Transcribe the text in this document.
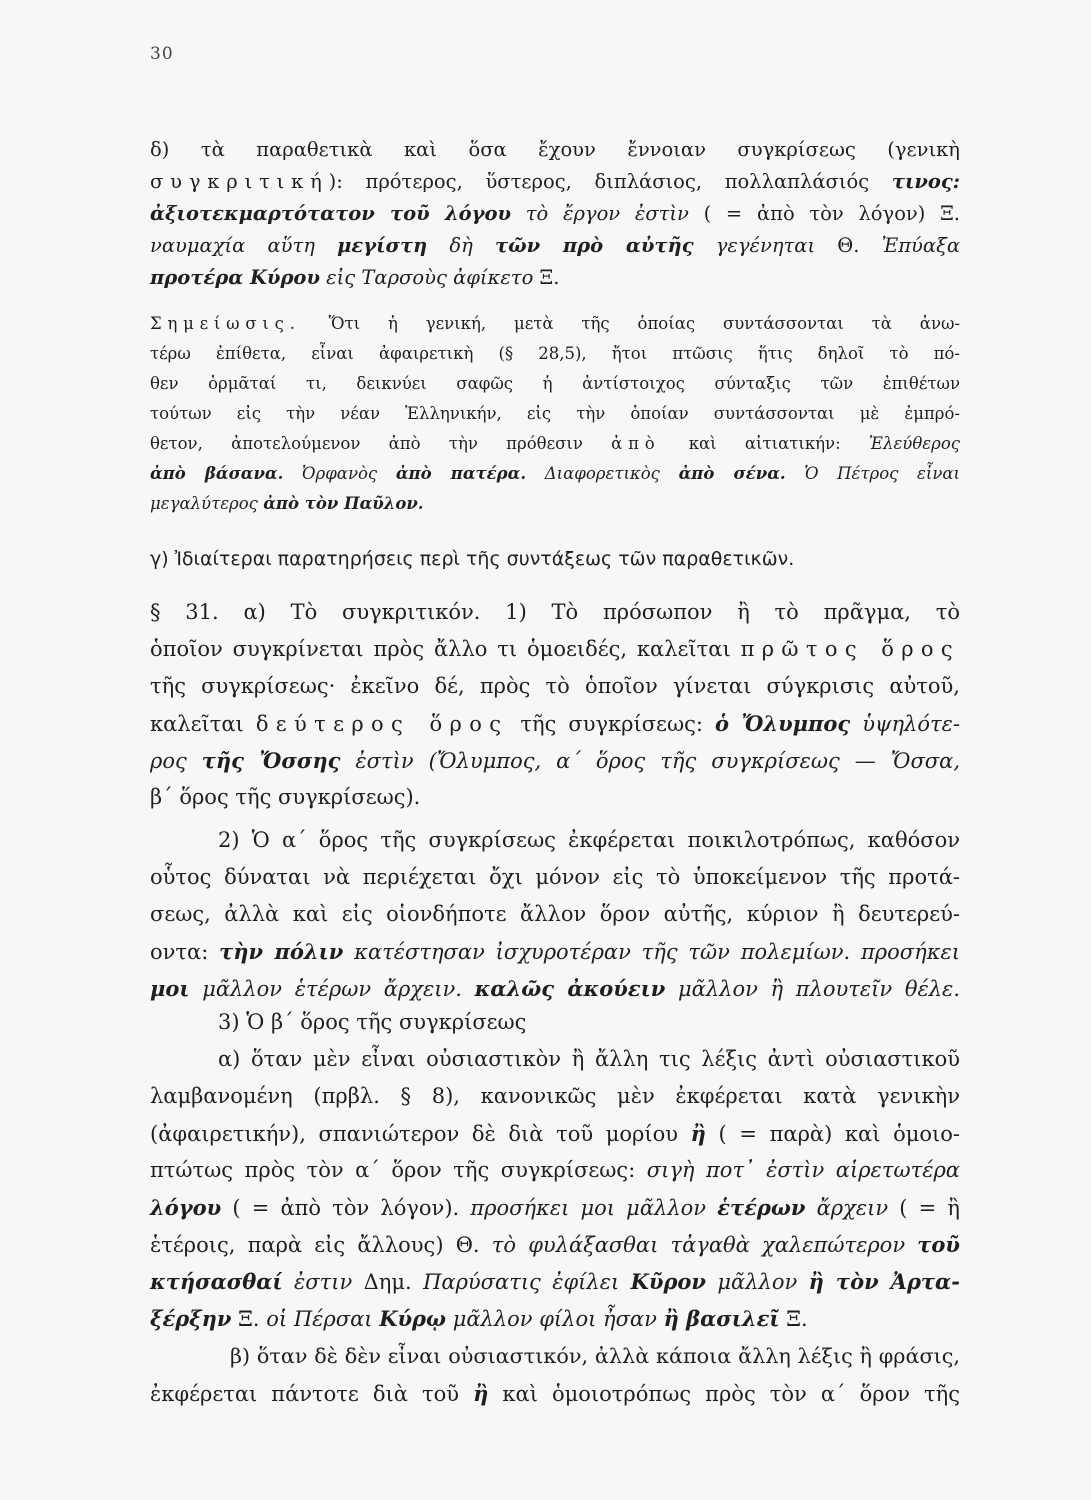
30
δ) τὰ παραθετικὰ καὶ ὅσα ἔχουν ἔννοιαν συγκρίσεως (γενικὴ
συγκριτική): πρότερος, ὕστερος, διπλάσιος, πολλαπλάσιός τινος:
ἀξιοτεκμαρτότατον τοῦ λόγου τὸ ἔργον ἐστὶν ( = ἀπὸ τὸν λόγον) Ξ.
ναυμαχία αὕτη μεγίστη δὴ τῶν πρὸ αὐτῆς γεγένηται Θ. Ἐπύαξα
προτέρα Κύρου εἰς Ταρσοὺς ἀφίκετο Ξ.
Σημείωσις. Ὅτι ἡ γενική, μετὰ τῆς ὁποίας συντάσσονται τὰ ἀνω-
τέρω ἐπίθετα, εἶναι ἀφαιρετικὴ (§ 28,5), ἤτοι πτῶσις ἥτις δηλοῖ τὸ πό-
θεν ὁρμᾶταί τι, δεικνύει σαφῶς ἡ ἀντίστοιχος σύνταξις τῶν ἐπιθέτων
τούτων εἰς τὴν νέαν Ἑλληνικήν, εἰς τὴν ὁποίαν συντάσσονται μὲ ἐμπρό-
θετον, ἀποτελούμενον ἀπὸ τὴν πρόθεσιν ἀπὸ καὶ αἰτιατικήν: Ἐλεύθερος
ἀπὸ βάσανα. Ὀρφανὸς ἀπὸ πατέρα. Διαφορετικὸς ἀπὸ σένα. Ὁ Πέτρος εἶναι
μεγαλύτερος ἀπὸ τὸν Παῦλον.
γ) Ἰδιαίτεραι παρατηρήσεις περὶ τῆς συντάξεως τῶν παραθετικῶν.
§ 31. α) Τὸ συγκριτικόν. 1) Τὸ πρόσωπον ἢ τὸ πρᾶγμα, τὸ
ὁποῖον συγκρίνεται πρὸς ἄλλο τι ὁμοειδές, καλεῖται πρῶτος ὅρος
τῆς συγκρίσεως· ἐκεῖνο δέ, πρὸς τὸ ὁποῖον γίνεται σύγκρισις αὐτοῦ,
καλεῖται δεύτερος ὅρος τῆς συγκρίσεως: ὁ Ὄλυμπος ὑψηλότε-
ρος τῆς Ὄσσης ἐστὶν (Ὄλυμπος, α΄ ὅρος τῆς συγκρίσεως — Ὄσσα,
β΄ ὅρος τῆς συγκρίσεως).
2) Ὁ α΄ ὅρος τῆς συγκρίσεως ἐκφέρεται ποικιλοτρόπως, καθόσον
οὗτος δύναται νὰ περιέχεται ὄχι μόνον εἰς τὸ ὑποκείμενον τῆς προτά-
σεως, ἀλλὰ καὶ εἰς οἱονδήποτε ἄλλον ὅρον αὐτῆς, κύριον ἢ δευτερεύ-
οντα: τὴν πόλιν κατέστησαν ἰσχυροτέραν τῆς τῶν πολεμίων. προσήκει
μοι μᾶλλον ἑτέρων ἄρχειν. καλῶς ἀκούειν μᾶλλον ἢ πλουτεῖν θέλε.
3) Ὁ β΄ ὅρος τῆς συγκρίσεως
α) ὅταν μὲν εἶναι οὐσιαστικὸν ἢ ἄλλη τις λέξις ἀντὶ οὐσιαστικοῦ
λαμβανομένη (πρβλ. § 8), κανονικῶς μὲν ἐκφέρεται κατὰ γενικὴν
(ἀφαιρετικήν), σπανιώτερον δὲ διὰ τοῦ μορίου ἢ ( = παρὰ) καὶ ὁμοιο-
πτώτως πρὸς τὸν α΄ ὅρον τῆς συγκρίσεως: σιγὴ ποτ᾽ ἐστὶν αἱρετωτέρα
λόγου ( = ἀπὸ τὸν λόγον). προσήκει μοι μᾶλλον ἑτέρων ἄρχειν ( = ἢ
ἑτέροις, παρὰ εἰς ἄλλους) Θ. τὸ φυλάξασθαι τἀγαθὰ χαλεπώτερον τοῦ
κτήσασθαί ἐστιν Δημ. Παρύσατις ἐφίλει Κῦρον μᾶλλον ἢ τὸν Ἀρτα-
ξέρξην Ξ. οἱ Πέρσαι Κύρῳ μᾶλλον φίλοι ἦσαν ἢ βασιλεῖ Ξ.
β) ὅταν δὲ δὲν εἶναι οὐσιαστικόν, ἀλλὰ κάποια ἄλλη λέξις ἢ φράσις,
ἐκφέρεται πάντοτε διὰ τοῦ ἢ καὶ ὁμοιοτρόπως πρὸς τὸν α΄ ὅρον τῆς
